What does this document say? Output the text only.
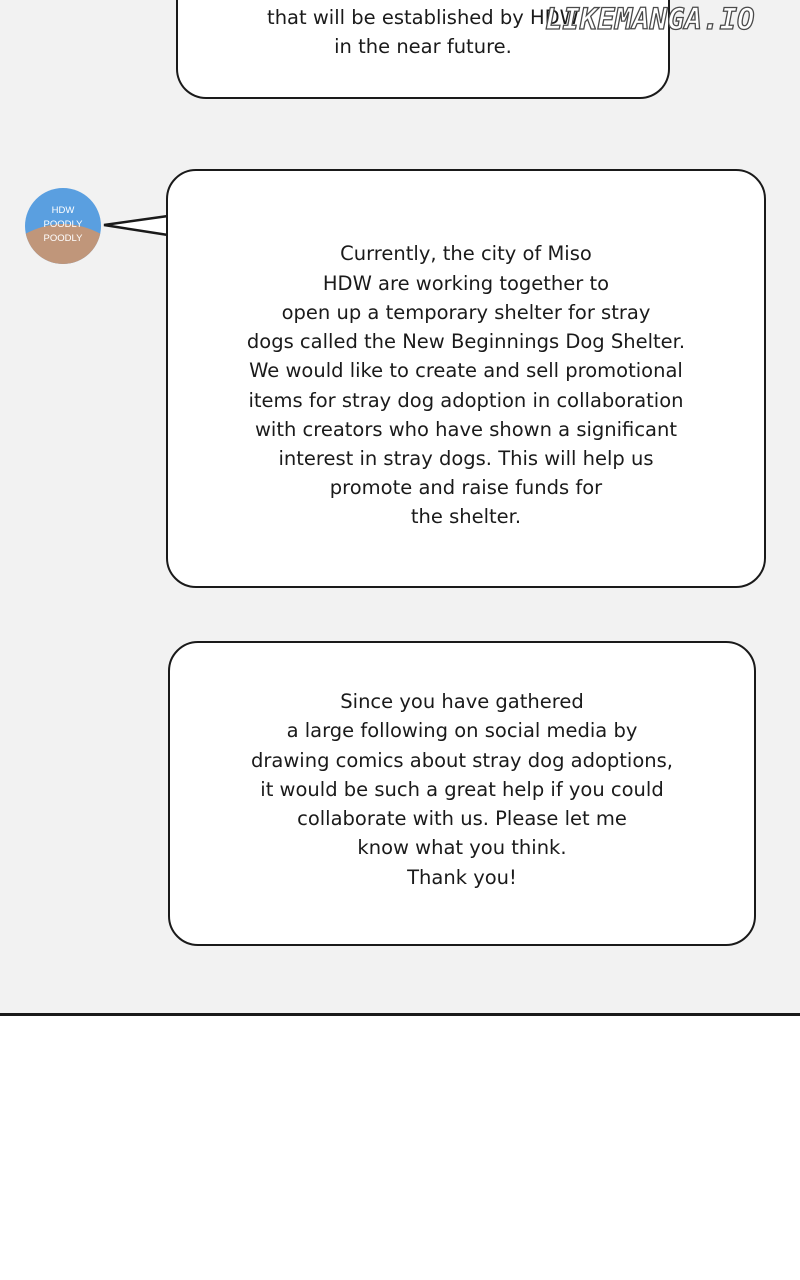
that will be established by HDW
in the near future.
LIKEMANGA.IO
HDW
POODLY
POODLY
Currently, the city of Miso
HDW are working together to
open up a temporary shelter for stray
dogs called the New Beginnings Dog Shelter.
We would like to create and sell promotional
items for stray dog adoption in collaboration
with creators who have shown a significant
interest in stray dogs. This will help us
promote and raise funds for
the shelter.
Since you have gathered
a large following on social media by
drawing comics about stray dog adoptions,
it would be such a great help if you could
collaborate with us. Please let me
know what you think.
Thank you!
